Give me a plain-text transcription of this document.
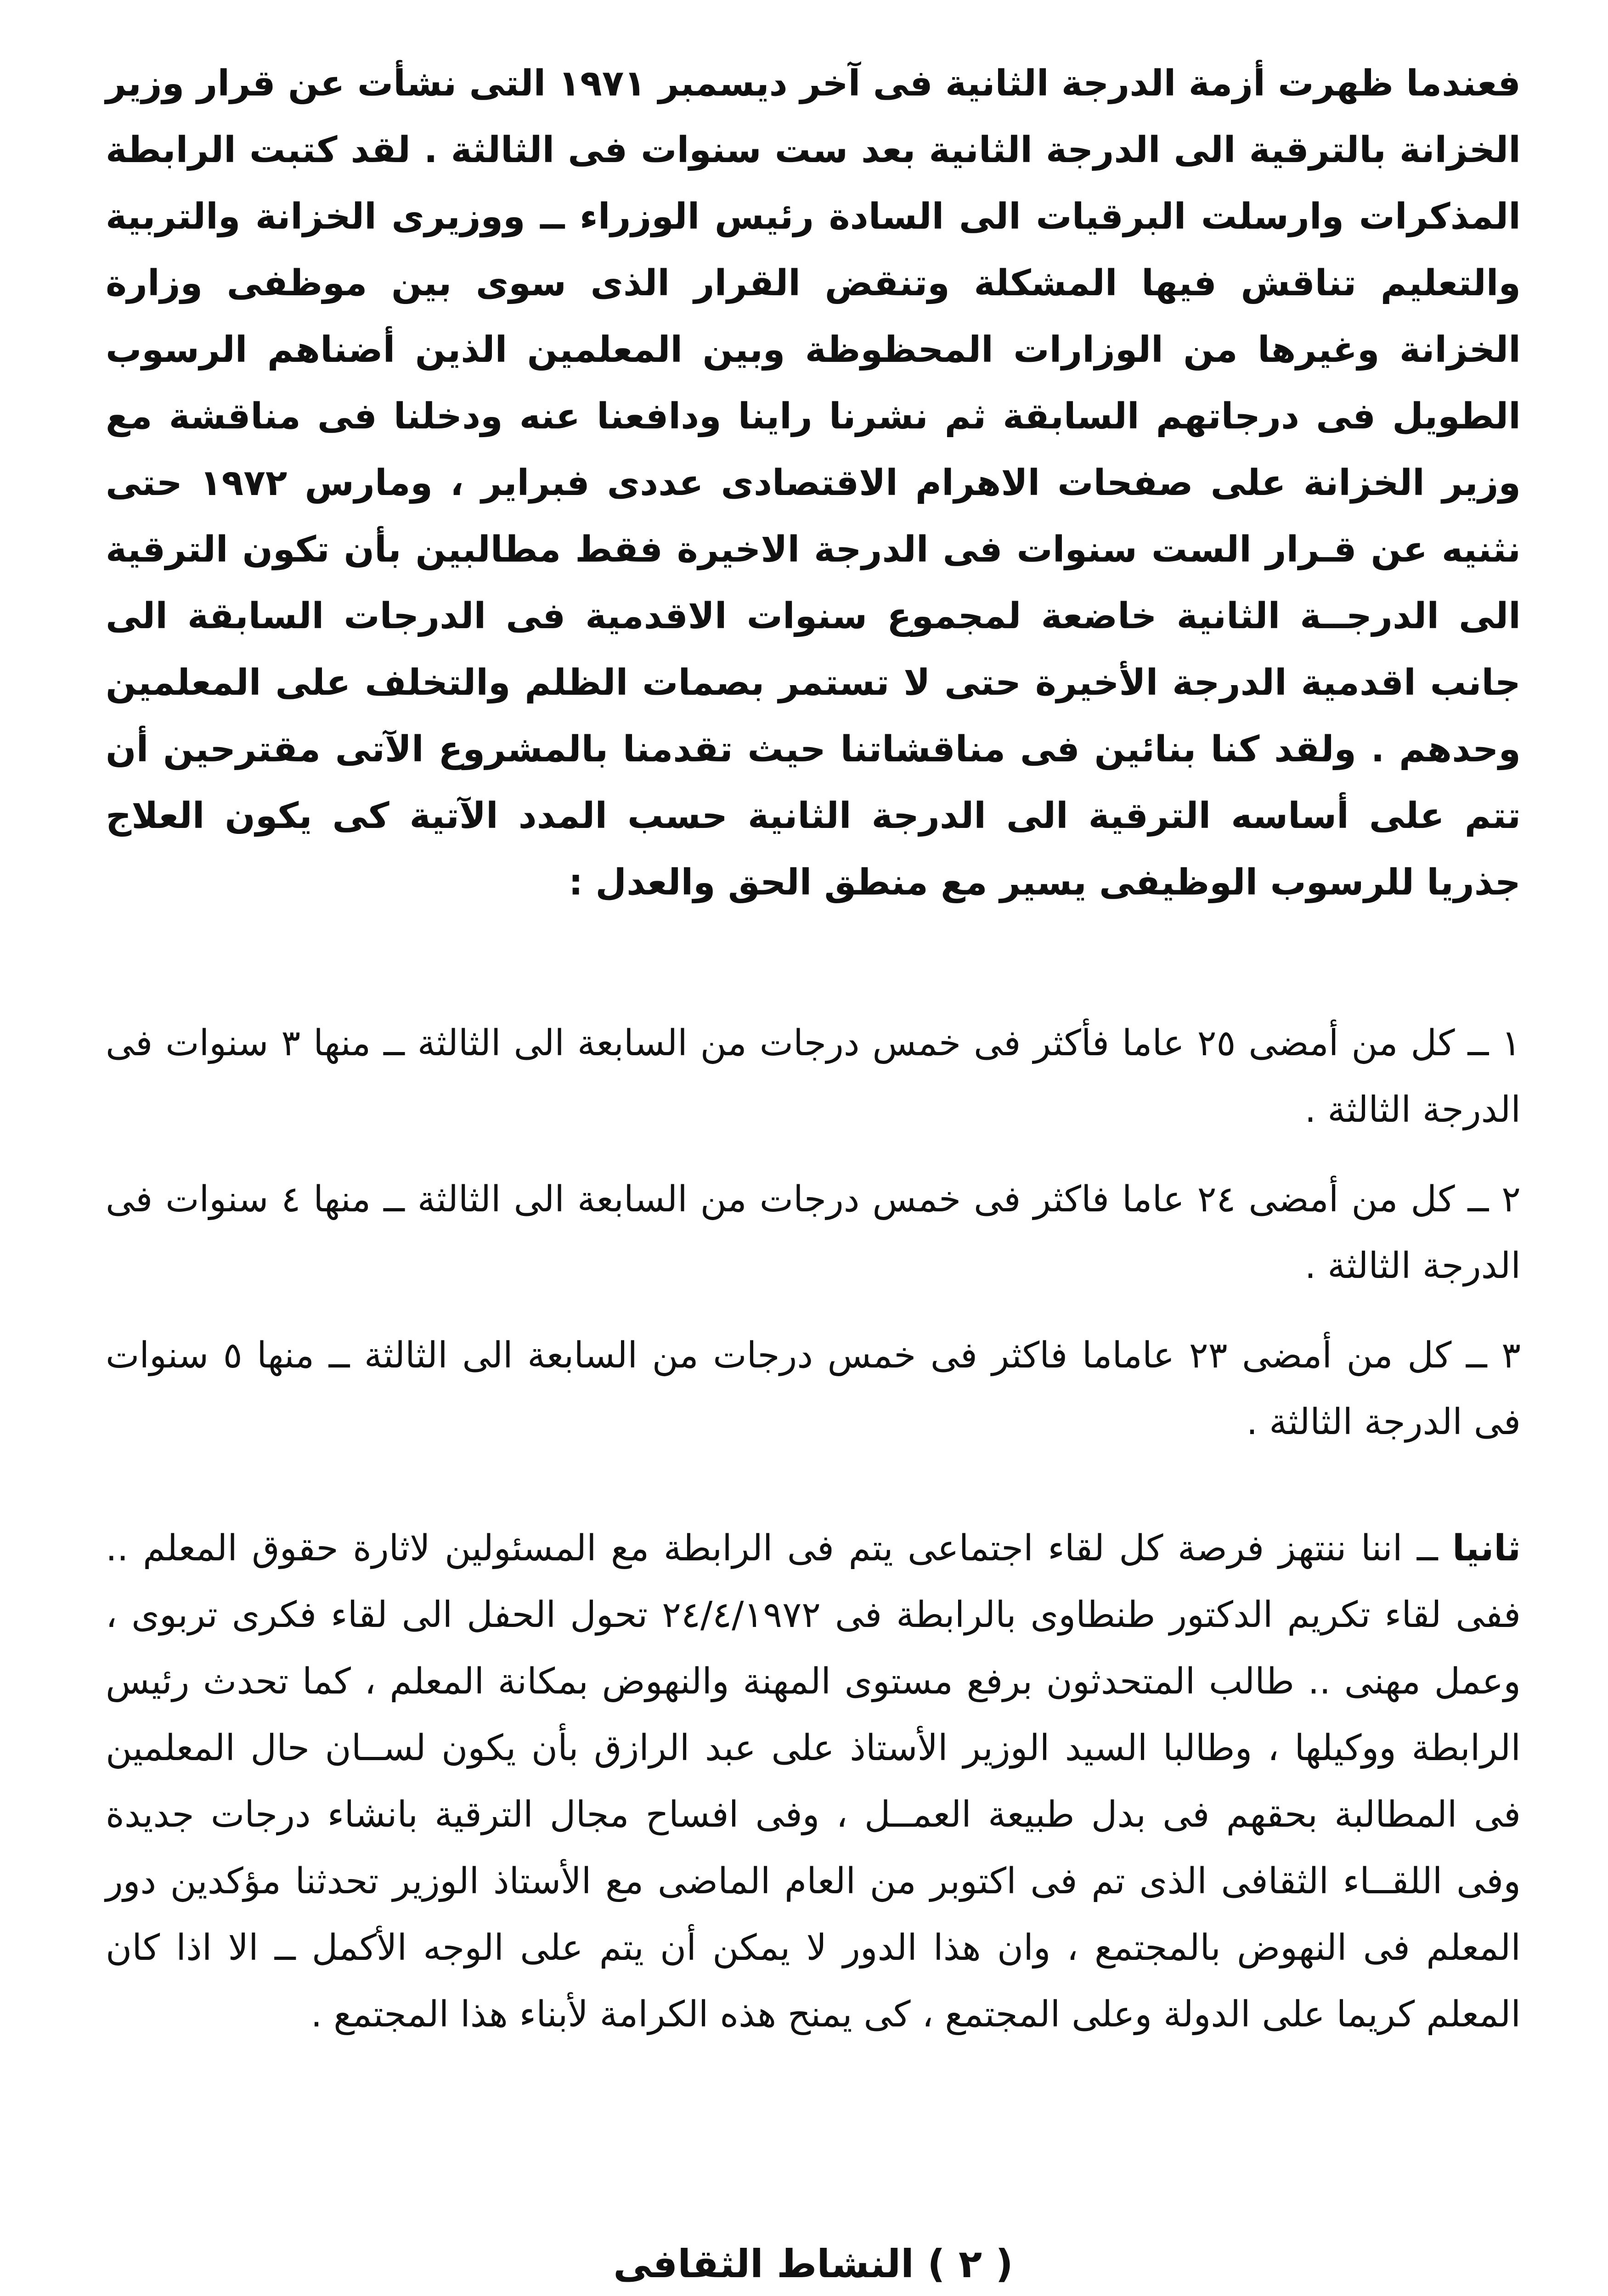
فعندما ظهرت أزمة الدرجة الثانية فى آخر ديسمبر ١٩٧١ التى نشأت عن قرار وزير الخزانة بالترقية الى الدرجة الثانية بعد ست سنوات فى الثالثة . لقد كتبت الرابطة المذكرات وارسلت البرقيات الى السادة رئيس الوزراء ــ ووزيرى الخزانة والتربية والتعليم تناقش فيها المشكلة وتنقض القرار الذى سوى بين موظفى وزارة الخزانة وغيرها من الوزارات المحظوظة وبين المعلمين الذين أضناهم الرسوب الطويل فى درجاتهم السابقة ثم نشرنا راينا ودافعنا عنه ودخلنا فى مناقشة مع وزير الخزانة على صفحات الاهرام الاقتصادى عددى فبراير ، ومارس ١٩٧٢ حتى نثنيه عن قـرار الست سنوات فى الدرجة الاخيرة فقط مطالبين بأن تكون الترقية الى الدرجــة الثانية خاضعة لمجموع سنوات الاقدمية فى الدرجات السابقة الى جانب اقدمية الدرجة الأخيرة حتى لا تستمر بصمات الظلم والتخلف على المعلمين وحدهم . ولقد كنا بنائين فى مناقشاتنا حيث تقدمنا بالمشروع الآتى مقترحين أن تتم على أساسه الترقية الى الدرجة الثانية حسب المدد الآتية كى يكون العلاج جذريا للرسوب الوظيفى يسير مع منطق الحق والعدل :

١ ــ كل من أمضى ٢٥ عاما فأكثر فى خمس درجات من السابعة الى الثالثة ــ منها ٣ سنوات فى الدرجة الثالثة .

٢ ــ كل من أمضى ٢٤ عاما فاكثر فى خمس درجات من السابعة الى الثالثة ــ منها ٤ سنوات فى الدرجة الثالثة .

٣ ــ كل من أمضى ٢٣ عاماما فاكثر فى خمس درجات من السابعة الى الثالثة ــ منها ٥ سنوات فى الدرجة الثالثة .

ثانيا ــ اننا ننتهز فرصة كل لقاء اجتماعى يتم فى الرابطة مع المسئولين لاثارة حقوق المعلم .. ففى لقاء تكريم الدكتور طنطاوى بالرابطة فى ٢٤/٤/١٩٧٢ تحول الحفل الى لقاء فكرى تربوى ، وعمل مهنى .. طالب المتحدثون برفع مستوى المهنة والنهوض بمكانة المعلم ، كما تحدث رئيس الرابطة ووكيلها ، وطالبا السيد الوزير الأستاذ على عبد الرازق بأن يكون لســان حال المعلمين فى المطالبة بحقهم فى بدل طبيعة العمــل ، وفى افساح مجال الترقية بانشاء درجات جديدة وفى اللقــاء الثقافى الذى تم فى اكتوبر من العام الماضى مع الأستاذ الوزير تحدثنا مؤكدين دور المعلم فى النهوض بالمجتمع ، وان هذا الدور لا يمكن أن يتم على الوجه الأكمل ــ الا اذا كان المعلم كريما على الدولة وعلى المجتمع ، كى يمنح هذه الكرامة لأبناء هذا المجتمع .

( ٢ ) النشاط الثقافى
